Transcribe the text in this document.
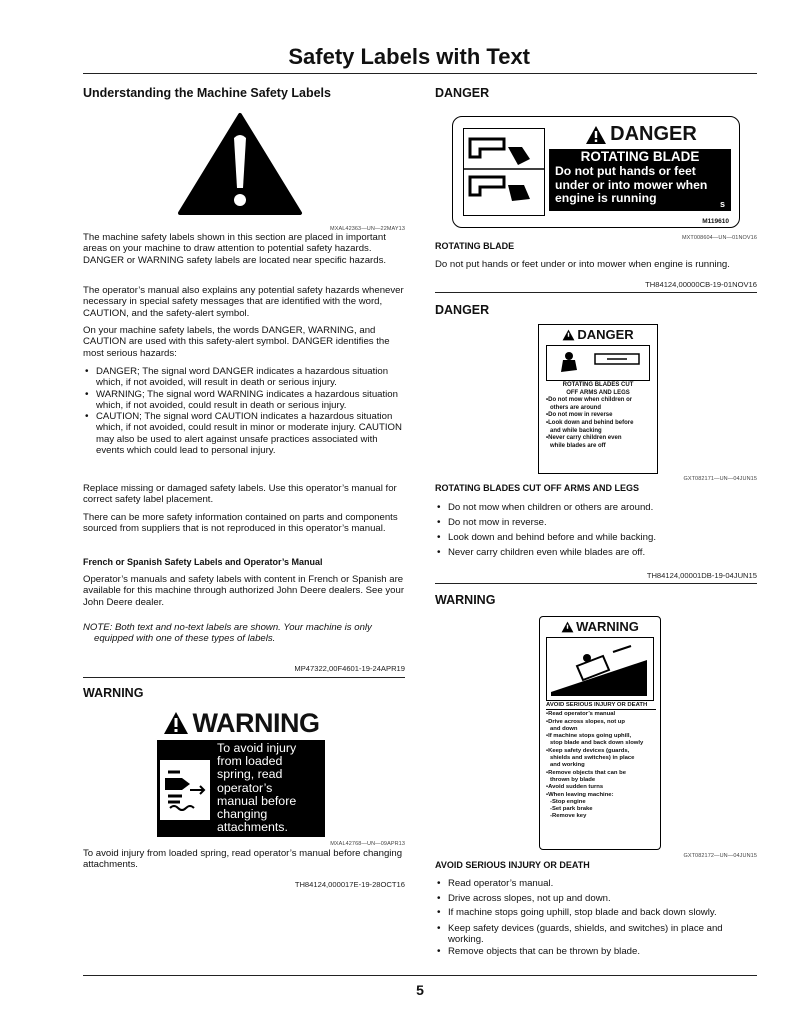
Safety Labels with Text
Understanding the Machine Safety Labels

MXAL42363—UN—22MAY13

The machine safety labels shown in this section are placed in important areas on your machine to draw attention to potential safety hazards. DANGER or WARNING safety labels are located near specific hazards.

The operator’s manual also explains any potential safety hazards whenever necessary in special safety messages that are identified with the word, CAUTION, and the safety-alert symbol.

On your machine safety labels, the words DANGER, WARNING, and CAUTION are used with this safety-alert symbol. DANGER identifies the most serious hazards:

• DANGER; The signal word DANGER indicates a hazardous situation which, if not avoided, will result in death or serious injury.
• WARNING; The signal word WARNING indicates a hazardous situation which, if not avoided, could result in death or serious injury.
• CAUTION; The signal word CAUTION indicates a hazardous situation which, if not avoided, could result in minor or moderate injury. CAUTION may also be used to alert against unsafe practices associated with events which could lead to personal injury.

Replace missing or damaged safety labels. Use this operator’s manual for correct safety label placement.

There can be more safety information contained on parts and components sourced from suppliers that is not reproduced in this operator’s manual.

French or Spanish Safety Labels and Operator’s Manual

Operator’s manuals and safety labels with content in French or Spanish are available for this machine through authorized John Deere dealers. See your John Deere dealer.

NOTE: Both text and no-text labels are shown. Your machine is only
equipped with one of these types of labels.

MP47322,00F4601-19-24APR19

WARNING
WARNING
To avoid injury
from loaded
spring, read
operator’s
manual before
changing
attachments.

MXAL42768—UN—09APR13

To avoid injury from loaded spring, read operator’s manual before changing attachments.

TH84124,000017E-19-28OCT16

DANGER
DANGER
ROTATING BLADE
Do not put hands or feet
under or into mower when
engine is running	s
M119610

MXT008604—UN—01NOV16

ROTATING BLADE

Do not put hands or feet under or into mower when engine is running.

TH84124,00000CB-19-01NOV16

DANGER
DANGER
ROTATING BLADES CUT
OFF ARMS AND LEGS
•Do not mow when children or
others are around
•Do not mow in reverse
•Look down and behind before
and while backing
•Never carry children even
while blades are off

GXT082171—UN—04JUN15

ROTATING BLADES CUT OFF ARMS AND LEGS

• Do not mow when children or others are around.
• Do not mow in reverse.
• Look down and behind before and while backing.
• Never carry children even while blades are off.

TH84124,00001DB-19-04JUN15

WARNING
WARNING
AVOID SERIOUS INJURY OR DEATH
•Read operator’s manual
•Drive across slopes, not up
and down
•If machine stops going uphill,
stop blade and back down slowly
•Keep safety devices (guards,
shields and switches) in place
and working
•Remove objects that can be
thrown by blade
•Avoid sudden turns
•When leaving machine:
-Stop engine
-Set park brake
-Remove key

GXT082172—UN—04JUN15

AVOID SERIOUS INJURY OR DEATH

• Read operator’s manual.
• Drive across slopes, not up and down.
• If machine stops going uphill, stop blade and back down slowly.
• Keep safety devices (guards, shields, and switches) in place and working.
• Remove objects that can be thrown by blade.
5
